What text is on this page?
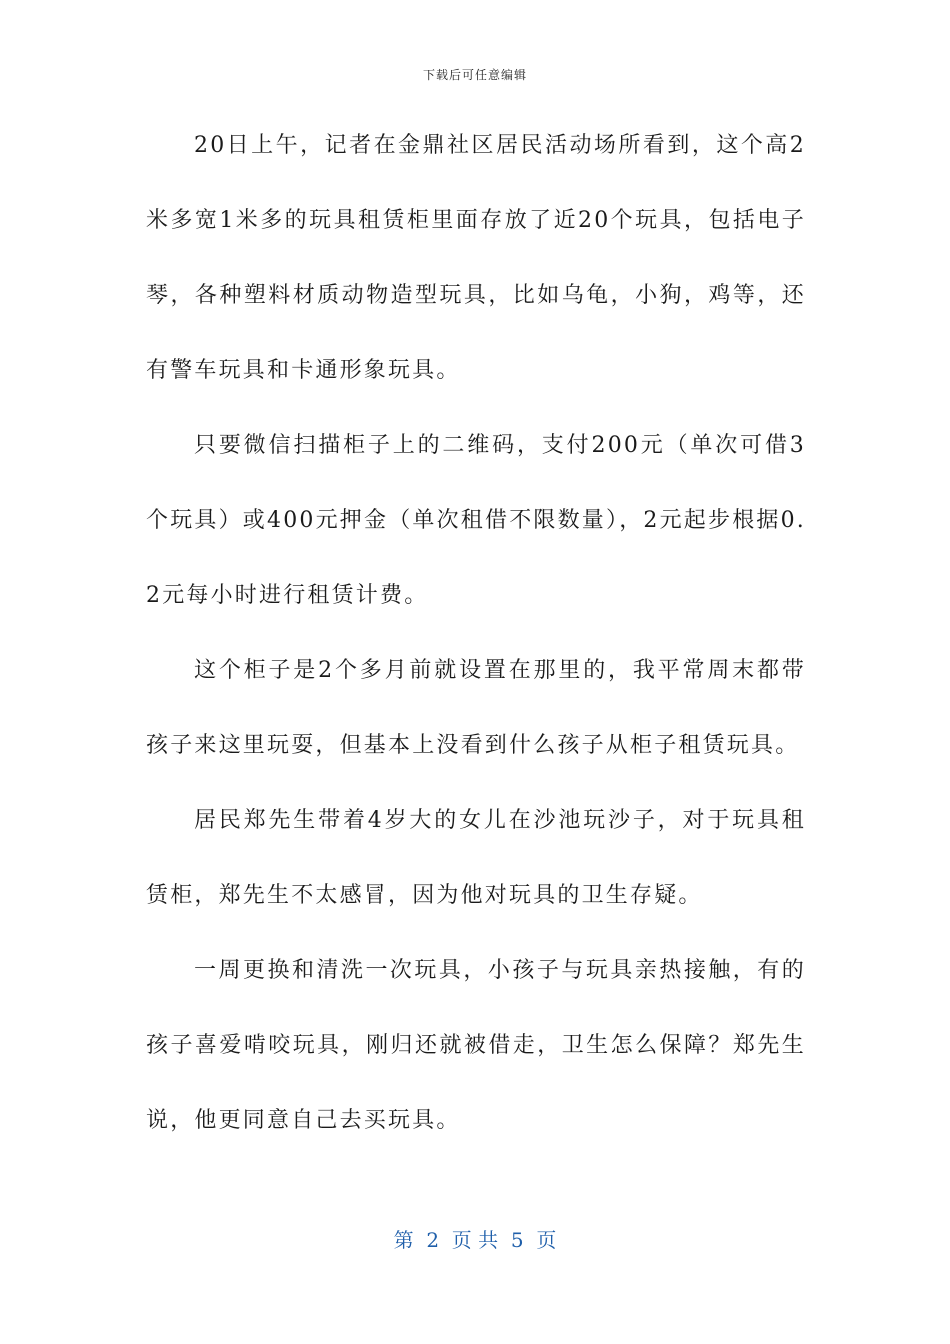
下载后可任意编辑

20日上午，记者在金鼎社区居民活动场所看到，这个高2米多宽1米多的玩具租赁柜里面存放了近20个玩具，包括电子琴，各种塑料材质动物造型玩具，比如乌龟，小狗，鸡等，还有警车玩具和卡通形象玩具。

只要微信扫描柜子上的二维码，支付200元（单次可借3个玩具）或400元押金（单次租借不限数量），2元起步根据0.2元每小时进行租赁计费。

这个柜子是2个多月前就设置在那里的，我平常周末都带孩子来这里玩耍，但基本上没看到什么孩子从柜子租赁玩具。

居民郑先生带着4岁大的女儿在沙池玩沙子，对于玩具租赁柜，郑先生不太感冒，因为他对玩具的卫生存疑。

一周更换和清洗一次玩具，小孩子与玩具亲热接触，有的孩子喜爱啃咬玩具，刚归还就被借走，卫生怎么保障？郑先生说，他更同意自己去买玩具。

第  2  页 共  5  页
